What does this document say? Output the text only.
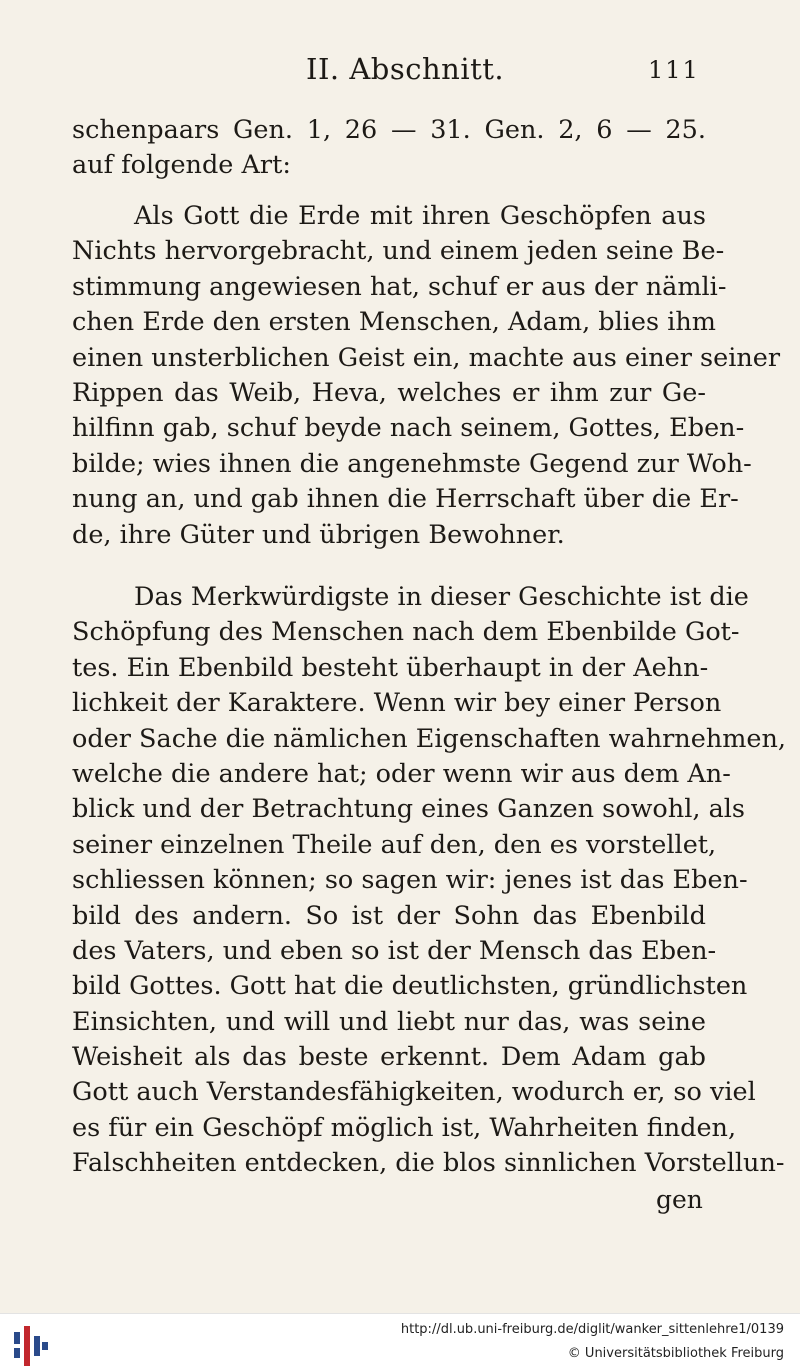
II. Abschnitt.	111
schenpaars Gen. 1, 26 — 31. Gen. 2, 6 — 25.
auf folgende Art:
Als Gott die Erde mit ihren Geschöpfen aus
Nichts hervorgebracht, und einem jeden seine Be-
stimmung angewiesen hat, schuf er aus der nämli-
chen Erde den ersten Menschen, Adam, blies ihm
einen unsterblichen Geist ein, machte aus einer seiner
Rippen das Weib, Heva, welches er ihm zur Ge-
hilfinn gab, schuf beyde nach seinem, Gottes, Eben-
bilde; wies ihnen die angenehmste Gegend zur Woh-
nung an, und gab ihnen die Herrschaft über die Er-
de, ihre Güter und übrigen Bewohner.
Das Merkwürdigste in dieser Geschichte ist die
Schöpfung des Menschen nach dem Ebenbilde Got-
tes. Ein Ebenbild besteht überhaupt in der Aehn-
lichkeit der Karaktere. Wenn wir bey einer Person
oder Sache die nämlichen Eigenschaften wahrnehmen,
welche die andere hat; oder wenn wir aus dem An-
blick und der Betrachtung eines Ganzen sowohl, als
seiner einzelnen Theile auf den, den es vorstellet,
schliessen können; so sagen wir: jenes ist das Eben-
bild des andern. So ist der Sohn das Ebenbild
des Vaters, und eben so ist der Mensch das Eben-
bild Gottes. Gott hat die deutlichsten, gründlichsten
Einsichten, und will und liebt nur das, was seine
Weisheit als das beste erkennt. Dem Adam gab
Gott auch Verstandesfähigkeiten, wodurch er, so viel
es für ein Geschöpf möglich ist, Wahrheiten finden,
Falschheiten entdecken, die blos sinnlichen Vorstellun-
gen
http://dl.ub.uni-freiburg.de/diglit/wanker_sittenlehre1/0139
© Universitätsbibliothek Freiburg
